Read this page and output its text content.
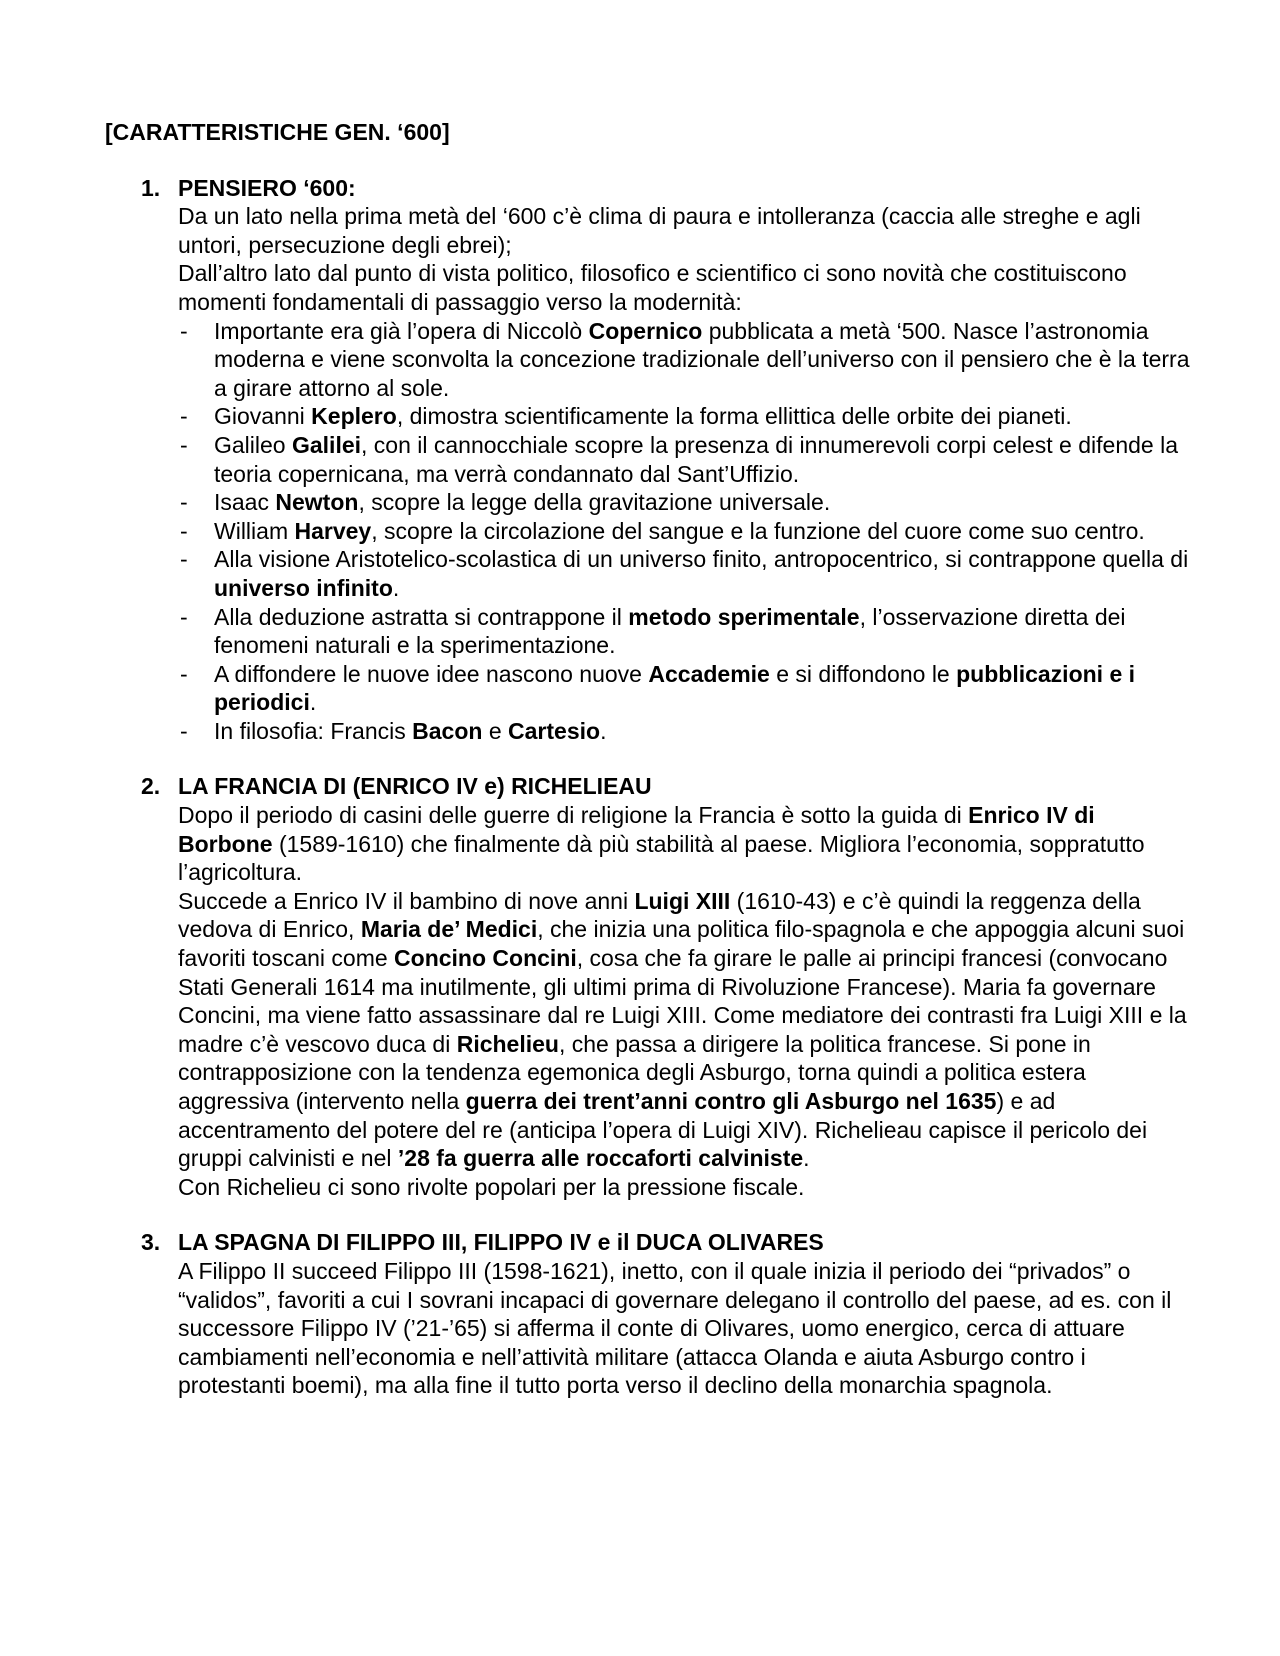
[CARATTERISTICHE GEN. ‘600]
1. PENSIERO ‘600:
Da un lato nella prima metà del ‘600 c’è clima di paura e intolleranza (caccia alle streghe e agli untori, persecuzione degli ebrei);
Dall’altro lato dal punto di vista politico, filosofico e scientifico ci sono novità che costituiscono momenti fondamentali di passaggio verso la modernità:
- Importante era già l’opera di Niccolò Copernico pubblicata a metà ‘500. Nasce l’astronomia moderna e viene sconvolta la concezione tradizionale dell’universo con il pensiero che è la terra a girare attorno al sole.
- Giovanni Keplero, dimostra scientificamente la forma ellittica delle orbite dei pianeti.
- Galileo Galilei, con il cannocchiale scopre la presenza di innumerevoli corpi celest e difende la teoria copernicana, ma verrà condannato dal Sant’Uffizio.
- Isaac Newton, scopre la legge della gravitazione universale.
- William Harvey, scopre la circolazione del sangue e la funzione del cuore come suo centro.
- Alla visione Aristotelico-scolastica di un universo finito, antropocentrico, si contrappone quella di universo infinito.
- Alla deduzione astratta si contrappone il metodo sperimentale, l’osservazione diretta dei fenomeni naturali e la sperimentazione.
- A diffondere le nuove idee nascono nuove Accademie e si diffondono le pubblicazioni e i periodici.
- In filosofia: Francis Bacon e Cartesio.
2. LA FRANCIA DI (ENRICO IV e) RICHELIEAU
Dopo il periodo di casini delle guerre di religione la Francia è sotto la guida di Enrico IV di Borbone (1589-1610) che finalmente dà più stabilità al paese. Migliora l’economia, soppratutto l’agricoltura.
Succede a Enrico IV il bambino di nove anni Luigi XIII (1610-43) e c’è quindi la reggenza della vedova di Enrico, Maria de’ Medici, che inizia una politica filo-spagnola e che appoggia alcuni suoi favoriti toscani come Concino Concini, cosa che fa girare le palle ai principi francesi (convocano Stati Generali 1614 ma inutilmente, gli ultimi prima di Rivoluzione Francese). Maria fa governare Concini, ma viene fatto assassinare dal re Luigi XIII. Come mediatore dei contrasti fra Luigi XIII e la madre c’è vescovo duca di Richelieu, che passa a dirigere la politica francese. Si pone in contrapposizione con la tendenza egemonica degli Asburgo, torna quindi a politica estera aggressiva (intervento nella guerra dei trent’anni contro gli Asburgo nel 1635) e ad accentramento del potere del re (anticipa l’opera di Luigi XIV). Richelieau capisce il pericolo dei gruppi calvinisti e nel ’28 fa guerra alle roccaforti calviniste.
Con Richelieu ci sono rivolte popolari per la pressione fiscale.
3. LA SPAGNA DI FILIPPO III, FILIPPO IV e il DUCA OLIVARES
A Filippo II succeed Filippo III (1598-1621), inetto, con il quale inizia il periodo dei “privados” o “validos”, favoriti a cui I sovrani incapaci di governare delegano il controllo del paese, ad es. con il successore Filippo IV (’21-’65) si afferma il conte di Olivares, uomo energico, cerca di attuare cambiamenti nell’economia e nell’attività militare (attacca Olanda e aiuta Asburgo contro i protestanti boemi), ma alla fine il tutto porta verso il declino della monarchia spagnola.
